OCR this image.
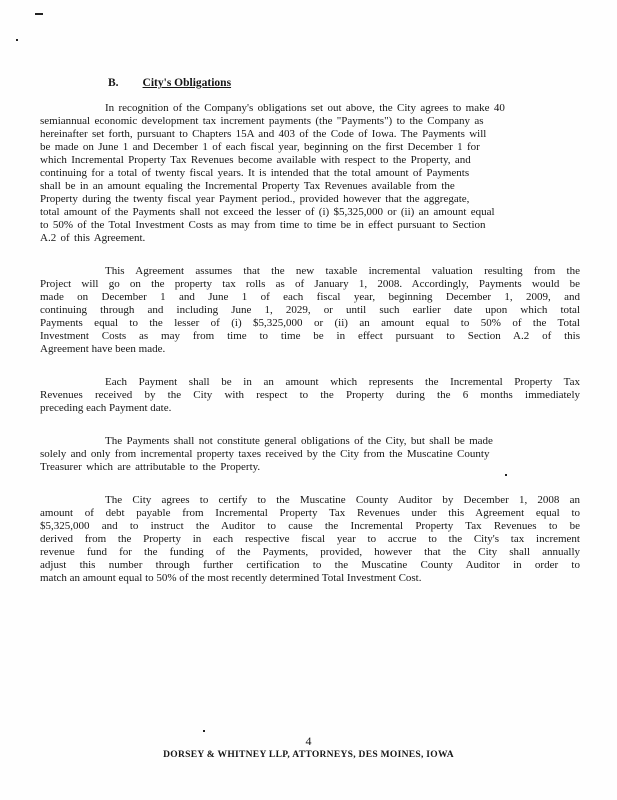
B. City's Obligations
In recognition of the Company's obligations set out above, the City agrees to make 40
semiannual economic development tax increment payments (the "Payments") to the Company as
hereinafter set forth, pursuant to Chapters 15A and 403 of the Code of Iowa. The Payments will
be made on June 1 and December 1 of each fiscal year, beginning on the first December 1 for
which Incremental Property Tax Revenues become available with respect to the Property, and
continuing for a total of twenty fiscal years. It is intended that the total amount of Payments
shall be in an amount equaling the Incremental Property Tax Revenues available from the
Property during the twenty fiscal year Payment period., provided however that the aggregate,
total amount of the Payments shall not exceed the lesser of (i) $5,325,000 or (ii) an amount equal
to 50% of the Total Investment Costs as may from time to time be in effect pursuant to Section
A.2 of this Agreement.
This Agreement assumes that the new taxable incremental valuation resulting from the
Project will go on the property tax rolls as of January 1, 2008. Accordingly, Payments would be
made on December 1 and June 1 of each fiscal year, beginning December 1, 2009, and
continuing through and including June 1, 2029, or until such earlier date upon which total
Payments equal to the lesser of (i) $5,325,000 or (ii) an amount equal to 50% of the Total
Investment Costs as may from time to time be in effect pursuant to Section A.2 of this
Agreement have been made.
Each Payment shall be in an amount which represents the Incremental Property Tax
Revenues received by the City with respect to the Property during the 6 months immediately
preceding each Payment date.
The Payments shall not constitute general obligations of the City, but shall be made
solely and only from incremental property taxes received by the City from the Muscatine County
Treasurer which are attributable to the Property.
The City agrees to certify to the Muscatine County Auditor by December 1, 2008 an
amount of debt payable from Incremental Property Tax Revenues under this Agreement equal to
$5,325,000 and to instruct the Auditor to cause the Incremental Property Tax Revenues to be
derived from the Property in each respective fiscal year to accrue to the City's tax increment
revenue fund for the funding of the Payments, provided, however that the City shall annually
adjust this number through further certification to the Muscatine County Auditor in order to
match an amount equal to 50% of the most recently determined Total Investment Cost.
4
DORSEY & WHITNEY LLP, ATTORNEYS, DES MOINES, IOWA
